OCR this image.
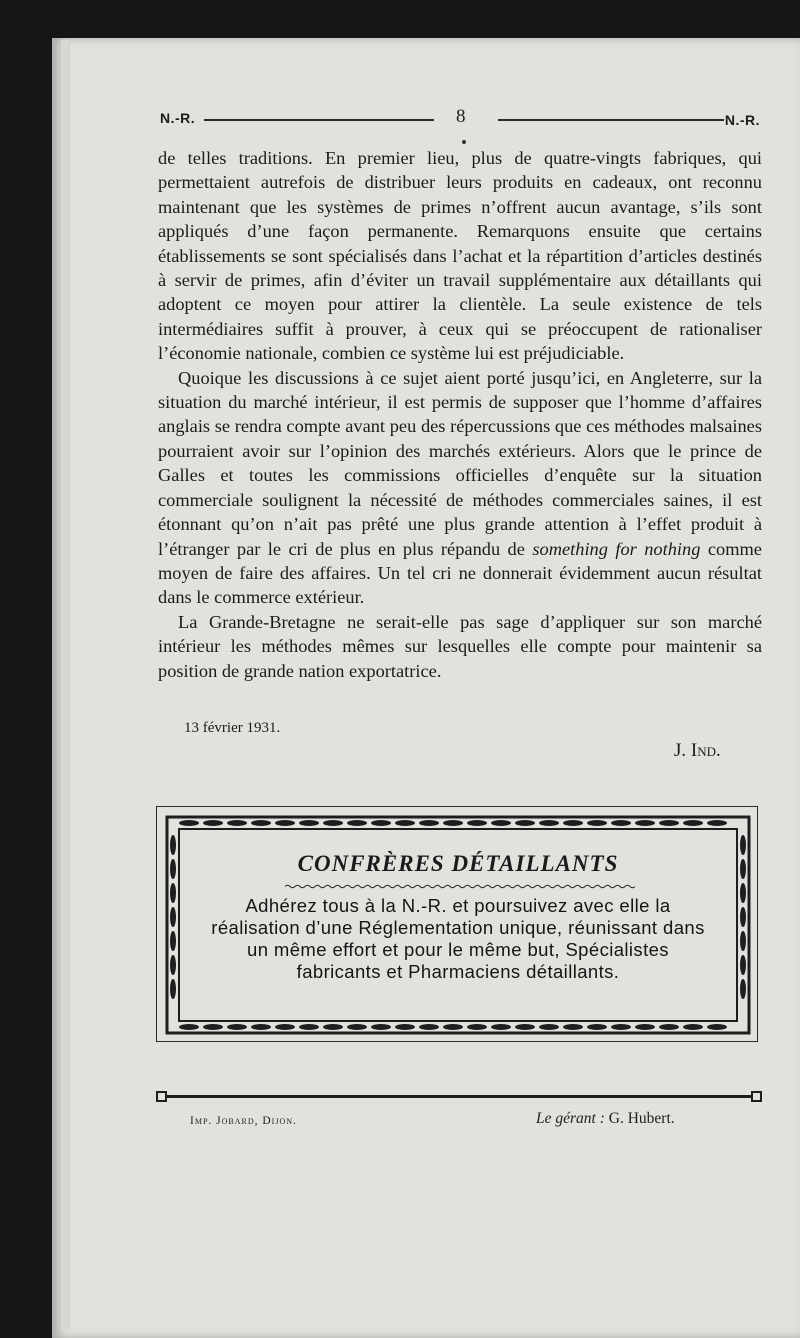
N.-R.	8	N.-R.

de telles traditions. En premier lieu, plus de quatre-vingts fabriques, qui permettaient autrefois de distribuer leurs produits en cadeaux, ont reconnu maintenant que les systèmes de primes n’offrent aucun avantage, s’ils sont appliqués d’une façon permanente. Remarquons ensuite que certains établissements se sont spécialisés dans l’achat et la répartition d’articles destinés à servir de primes, afin d’éviter un travail supplémentaire aux détaillants qui adoptent ce moyen pour attirer la clientèle. La seule existence de tels intermédiaires suffit à prouver, à ceux qui se préoccupent de rationaliser l’économie nationale, combien ce système lui est préjudiciable.

Quoique les discussions à ce sujet aient porté jusqu’ici, en Angleterre, sur la situation du marché intérieur, il est permis de supposer que l’homme d’affaires anglais se rendra compte avant peu des répercussions que ces méthodes malsaines pourraient avoir sur l’opinion des marchés extérieurs. Alors que le prince de Galles et toutes les commissions officielles d’enquête sur la situation commerciale soulignent la nécessité de méthodes commerciales saines, il est étonnant qu’on n’ait pas prêté une plus grande attention à l’effet produit à l’étranger par le cri de plus en plus répandu de something for nothing comme moyen de faire des affaires. Un tel cri ne donnerait évidemment aucun résultat dans le commerce extérieur.

La Grande-Bretagne ne serait-elle pas sage d’appliquer sur son marché intérieur les méthodes mêmes sur lesquelles elle compte pour maintenir sa position de grande nation exportatrice.

13 février 1931.
J. Ind.
CONFRÈRES DÉTAILLANTS
Adhérez tous à la N.-R. et poursuivez avec elle la réalisation d’une Réglementation unique, réunissant dans un même effort et pour le même but, Spécialistes fabricants et Pharmaciens détaillants.
Imp. Jobard, Dijon.	Le gérant : G. Hubert.
